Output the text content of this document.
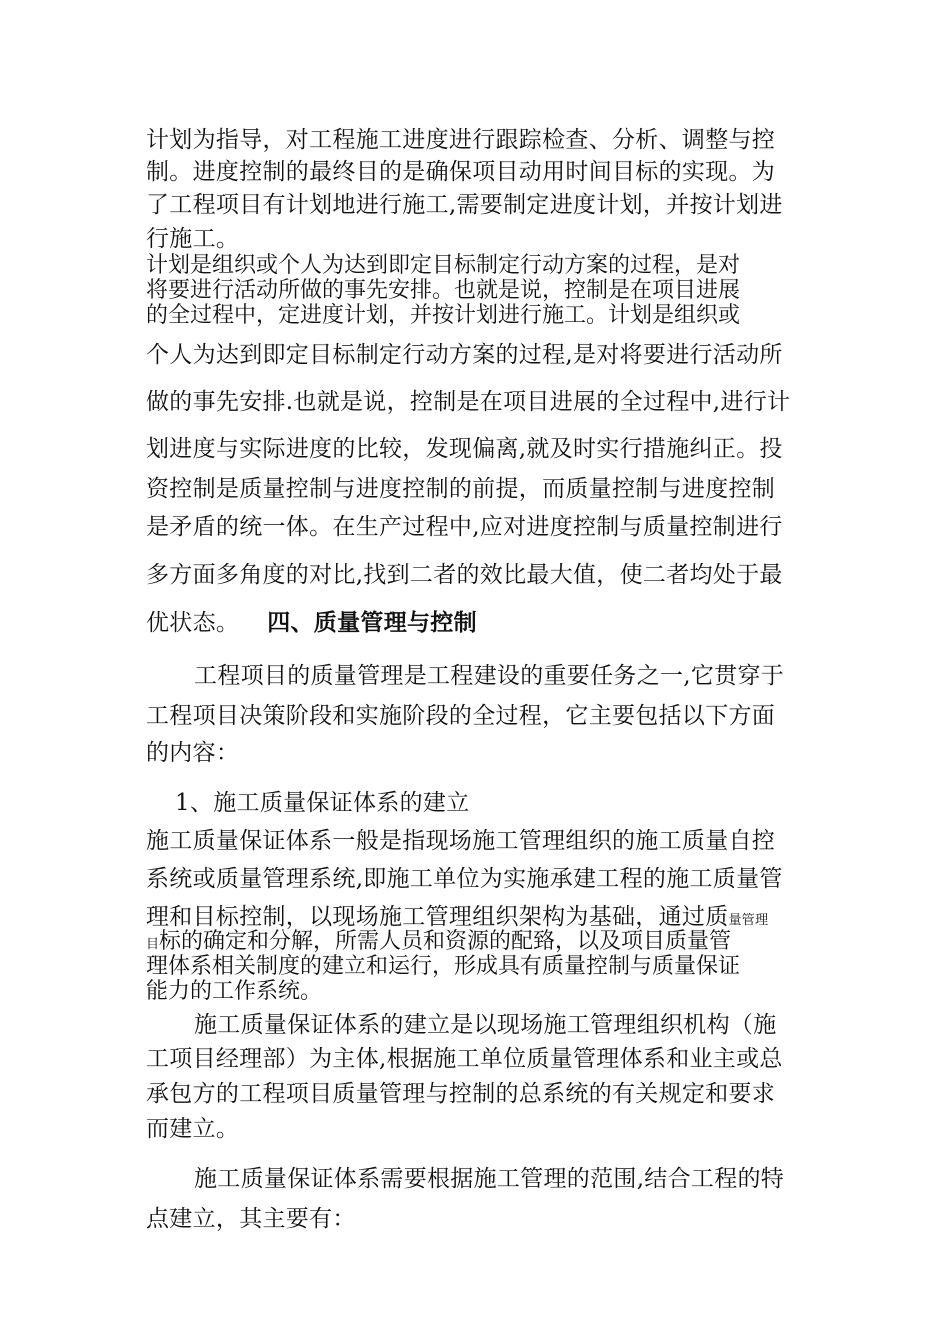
计划为指导，对工程施工进度进行跟踪检查、分析、调整与控
制。进度控制的最终目的是确保项目动用时间目标的实现。为
了工程项目有计划地进行施工,需要制定进度计划，并按计划进
行施工。
计划是组织或个人为达到即定目标制定行动方案的过程，是对
将要进行活动所做的事先安排。也就是说，控制是在项目进展
的全过程中，定进度计划，并按计划进行施工。计划是组织或
个人为达到即定目标制定行动方案的过程,是对将要进行活动所
做的事先安排.也就是说，控制是在项目进展的全过程中,进行计
划进度与实际进度的比较，发现偏离,就及时实行措施纠正。投
资控制是质量控制与进度控制的前提，而质量控制与进度控制
是矛盾的统一体。在生产过程中,应对进度控制与质量控制进行
多方面多角度的对比,找到二者的效比最大值，使二者均处于最
优状态。 四、质量管理与控制
工程项目的质量管理是工程建设的重要任务之一,它贯穿于
工程项目决策阶段和实施阶段的全过程，它主要包括以下方面
的内容：
1、施工质量保证体系的建立
施工质量保证体系一般是指现场施工管理组织的施工质量自控
系统或质量管理系统,即施工单位为实施承建工程的施工质量管
理和目标控制，以现场施工管理组织架构为基础，通过质量管理
目标的确定和分解，所需人员和资源的配臵，以及项目质量管
理体系相关制度的建立和运行，形成具有质量控制与质量保证
能力的工作系统。
施工质量保证体系的建立是以现场施工管理组织机构（施
工项目经理部）为主体,根据施工单位质量管理体系和业主或总
承包方的工程项目质量管理与控制的总系统的有关规定和要求
而建立。
施工质量保证体系需要根据施工管理的范围,结合工程的特
点建立，其主要有：
